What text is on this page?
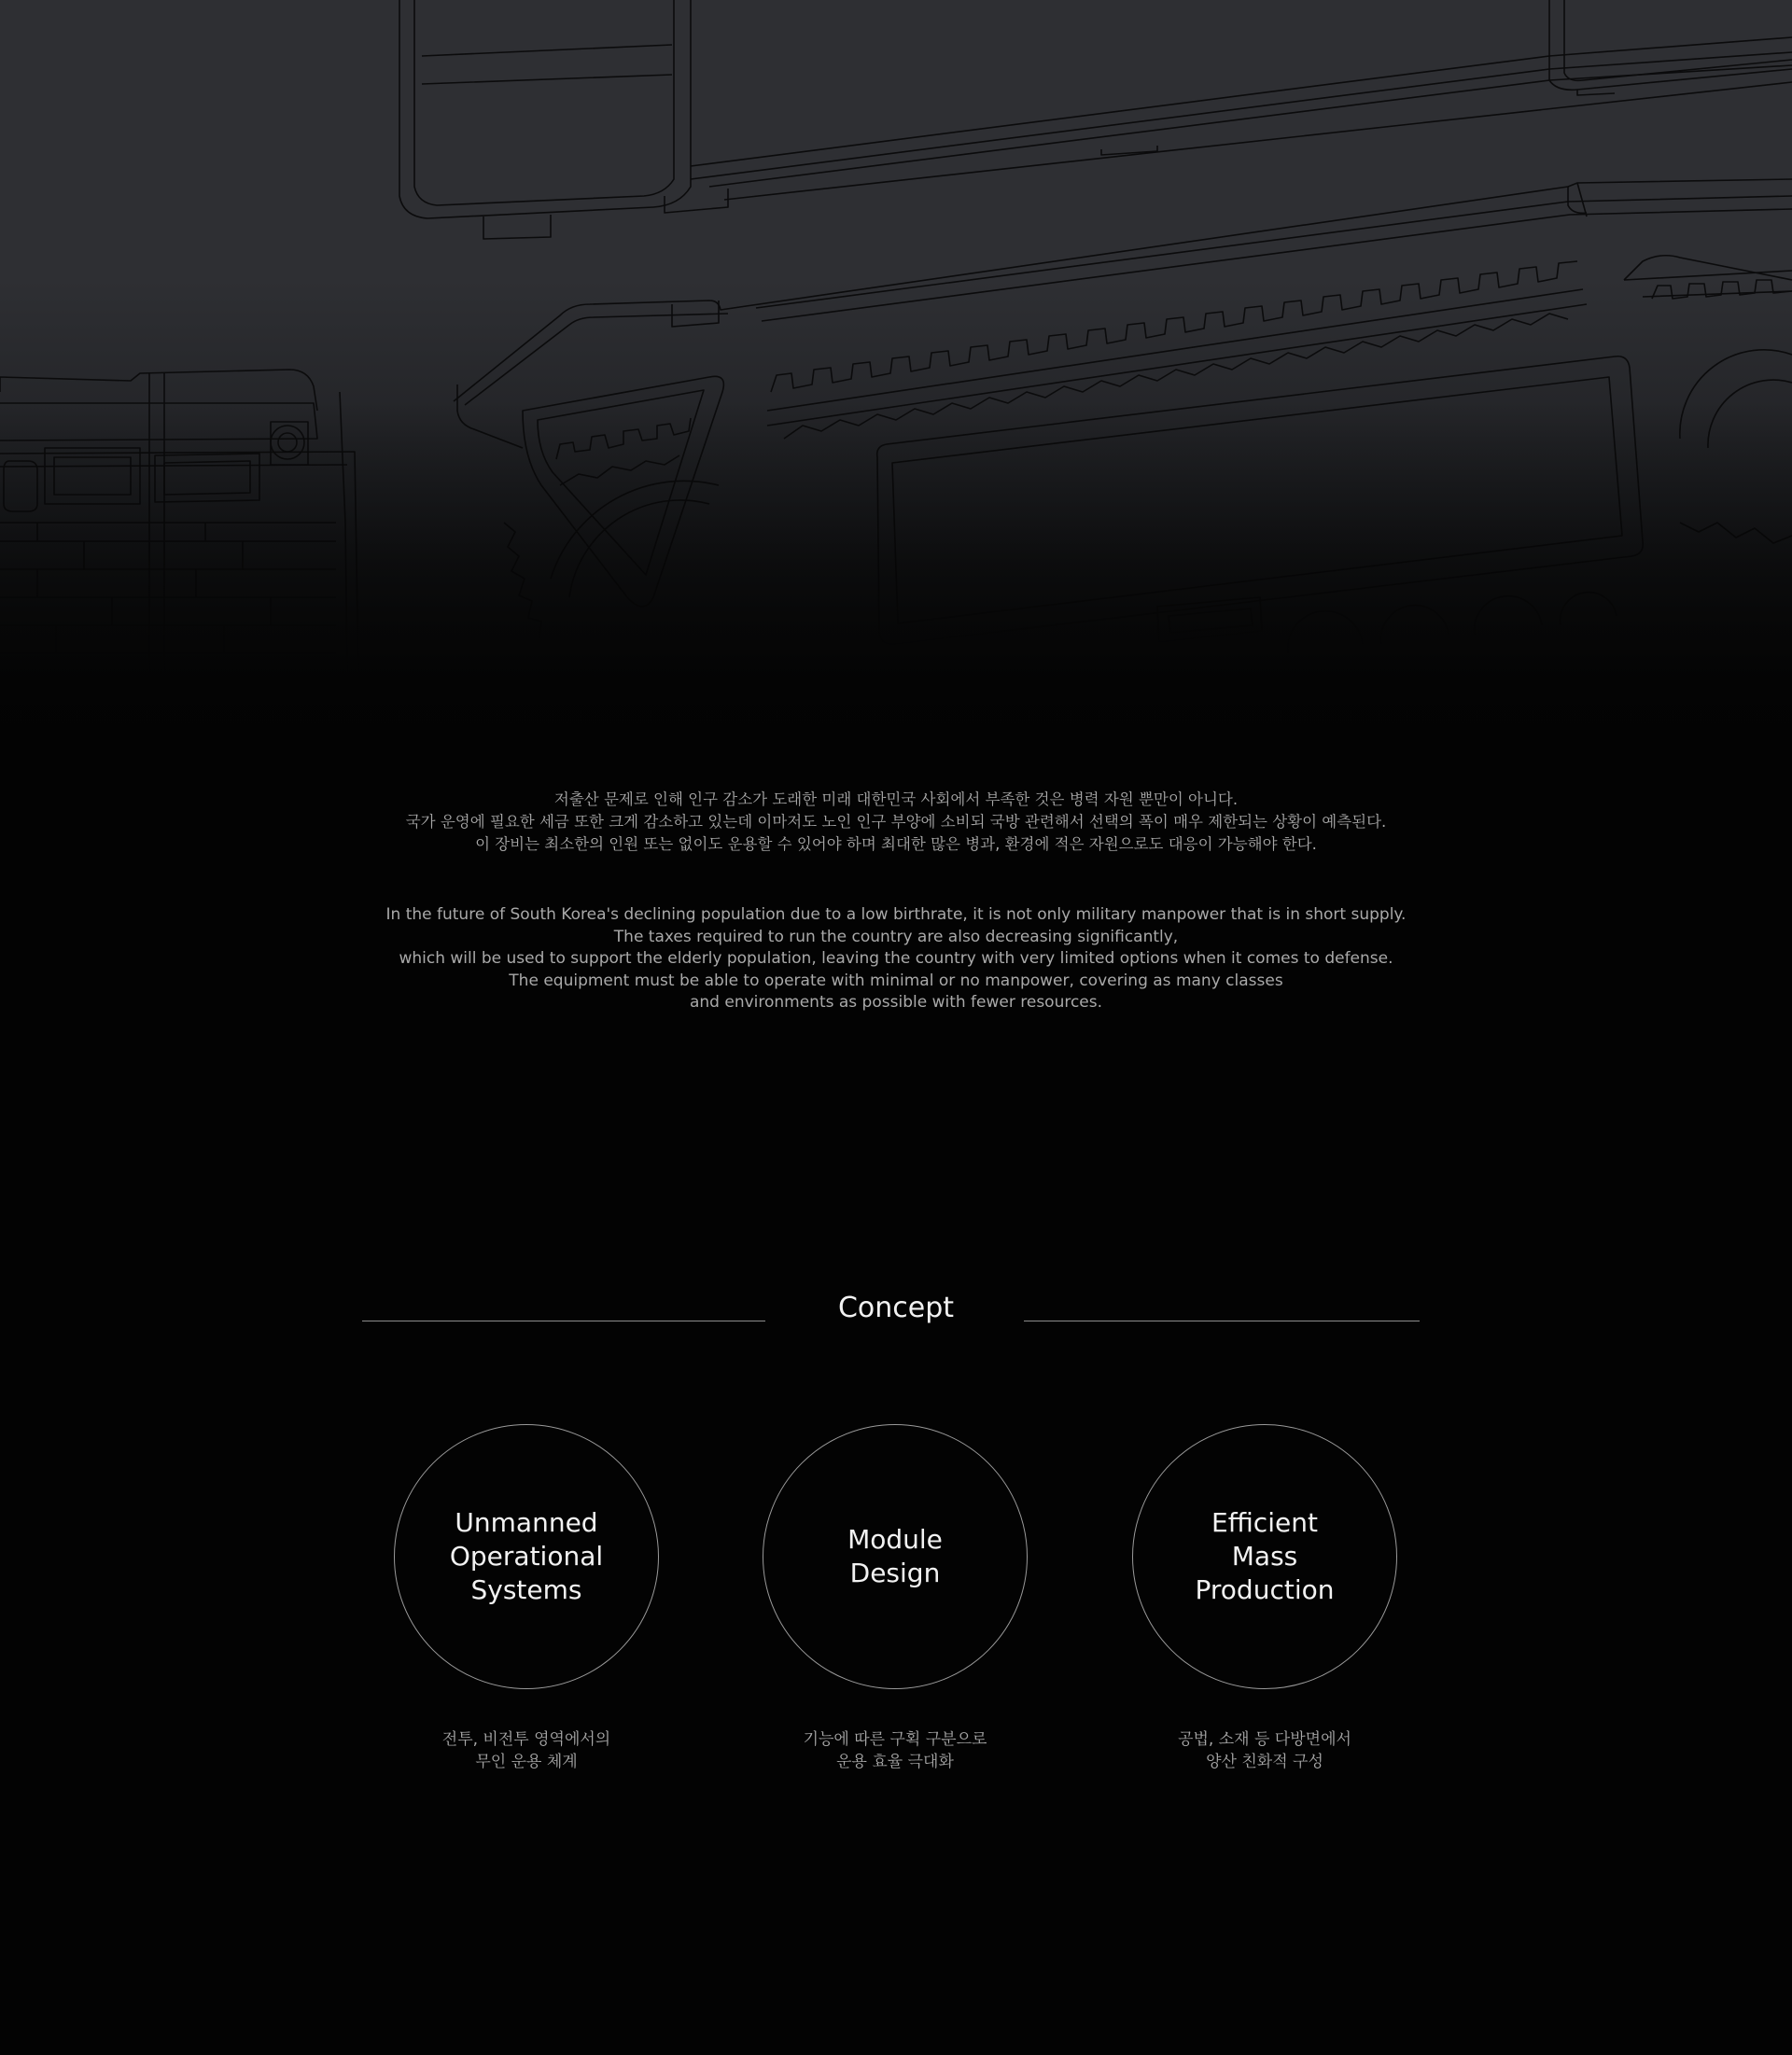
저출산 문제로 인해 인구 감소가 도래한 미래 대한민국 사회에서 부족한 것은 병력 자원 뿐만이 아니다.
국가 운영에 필요한 세금 또한 크게 감소하고 있는데 이마저도 노인 인구 부양에 소비되 국방 관련해서 선택의 폭이 매우 제한되는 상황이 예측된다.
이 장비는 최소한의 인원 또는 없이도 운용할 수 있어야 하며 최대한 많은 병과, 환경에 적은 자원으로도 대응이 가능해야 한다.
In the future of South Korea's declining population due to a low birthrate, it is not only military manpower that is in short supply.
The taxes required to run the country are also decreasing significantly,
which will be used to support the elderly population, leaving the country with very limited options when it comes to defense.
The equipment must be able to operate with minimal or no manpower, covering as many classes
and environments as possible with fewer resources.
Concept
Unmanned
Operational
Systems
Module
Design
Efficient
Mass
Production
전투, 비전투 영역에서의
무인 운용 체계
기능에 따른 구획 구분으로
운용 효율 극대화
공법, 소재 등 다방면에서
양산 친화적 구성
